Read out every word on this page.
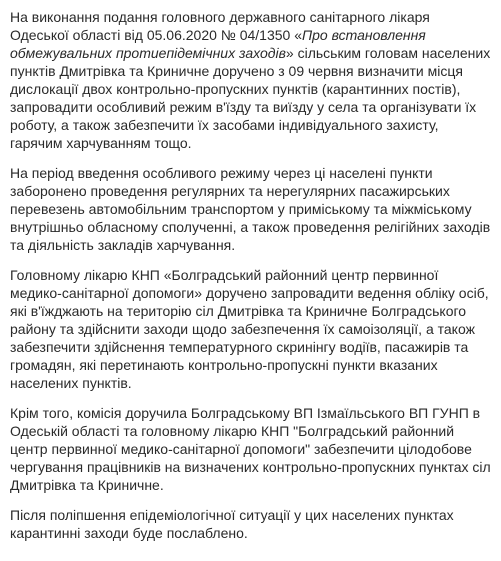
На виконання подання головного державного санітарного лікаря Одеської області від 05.06.2020 № 04/1350 «Про встановлення обмежувальних протиепідемічних заходів» сільським головам населених пунктів Дмитрівка та Криничне доручено з 09 червня визначити місця дислокації двох контрольно-пропускних пунктів (карантинних постів), запровадити особливий режим в'їзду та виїзду у села та організувати їх роботу, а також забезпечити їх засобами індивідуального захисту, гарячим харчуванням тощо.

На період введення особливого режиму через ці населені пункти заборонено проведення регулярних та нерегулярних пасажирських перевезень автомобільним транспортом у приміському та міжміському внутрішньо обласному сполученні, а також проведення релігійних заходів та діяльність закладів харчування.

Головному лікарю КНП «Болградський районний центр первинної медико-санітарної допомоги» доручено запровадити ведення обліку осіб, які в'їжджають на територію сіл Дмитрівка та Криничне Болградського району та здійснити заходи щодо забезпечення їх самоізоляції, а також забезпечити здійснення температурного скринінгу водіїв, пасажирів та громадян, які перетинають контрольно-пропускні пункти вказаних населених пунктів.

Крім того, комісія доручила Болградському ВП Ізмаїльського ВП ГУНП в Одеській області та головному лікарю КНП "Болградський районний центр первинної медико-санітарної допомоги" забезпечити цілодобове чергування працівників на визначених контрольно-пропускних пунктах сіл Дмитрівка та Криничне.

Після поліпшення епідеміологічної ситуації у цих населених пунктах карантинні заходи буде послаблено.
